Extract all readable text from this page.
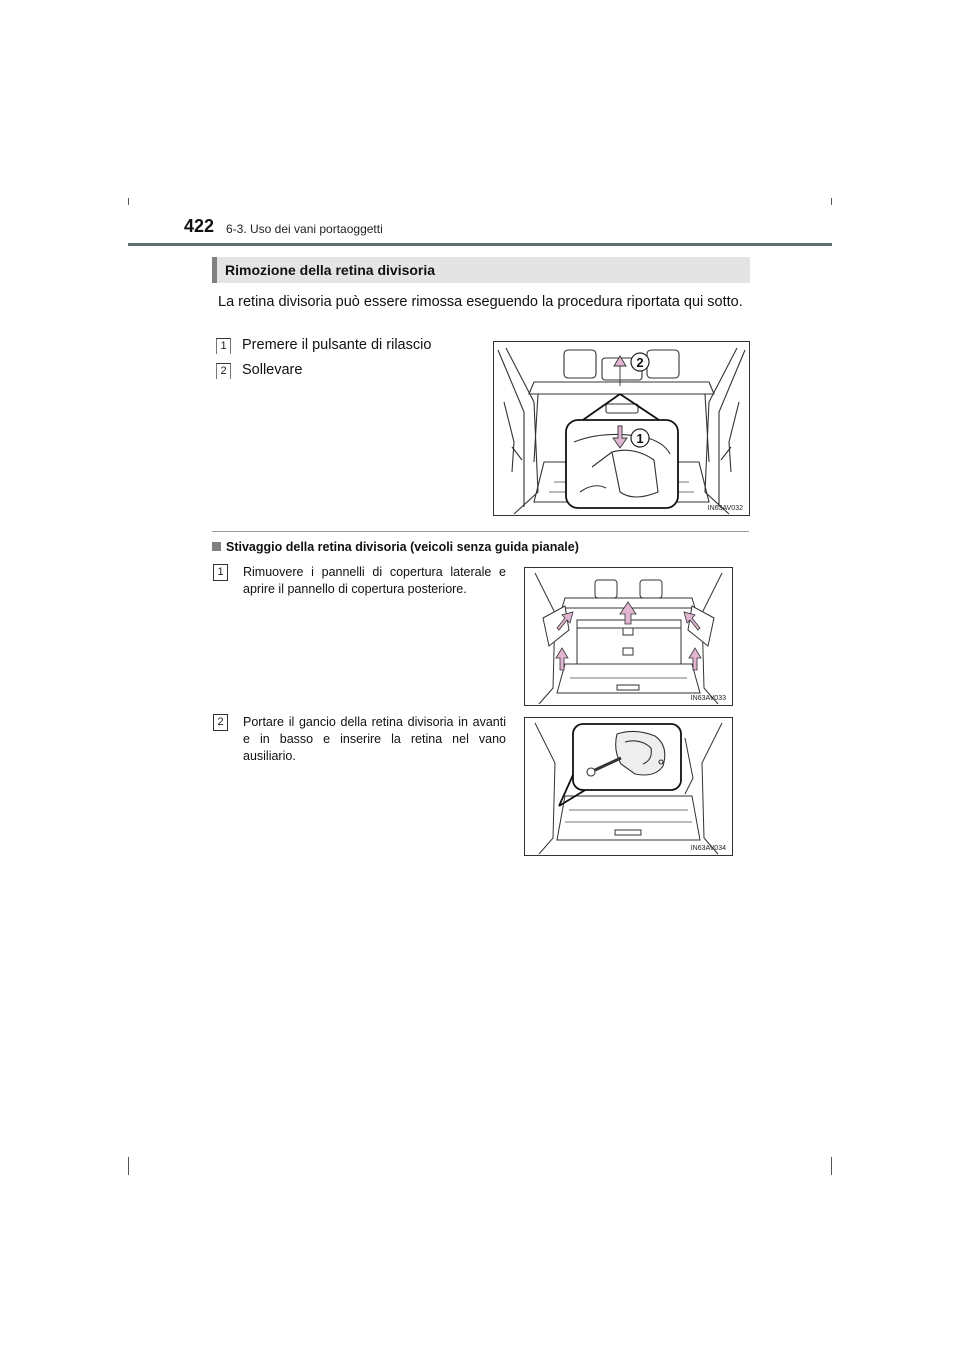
422 6-3. Uso dei vani portaoggetti
Rimozione della retina divisoria
La retina divisoria può essere rimossa eseguendo la procedura riportata qui sotto.
1	Premere il pulsante di rilascio
2	Sollevare	2
1
IN63AV032
Stivaggio della retina divisoria (veicoli senza guida pianale)
1	Rimuovere i pannelli di copertura laterale e aprire il pannello di copertura posteriore.
IN63AV033
2	Portare il gancio della retina divisoria in avanti e in basso e inserire la retina nel vano ausiliario.
IN63AV034
